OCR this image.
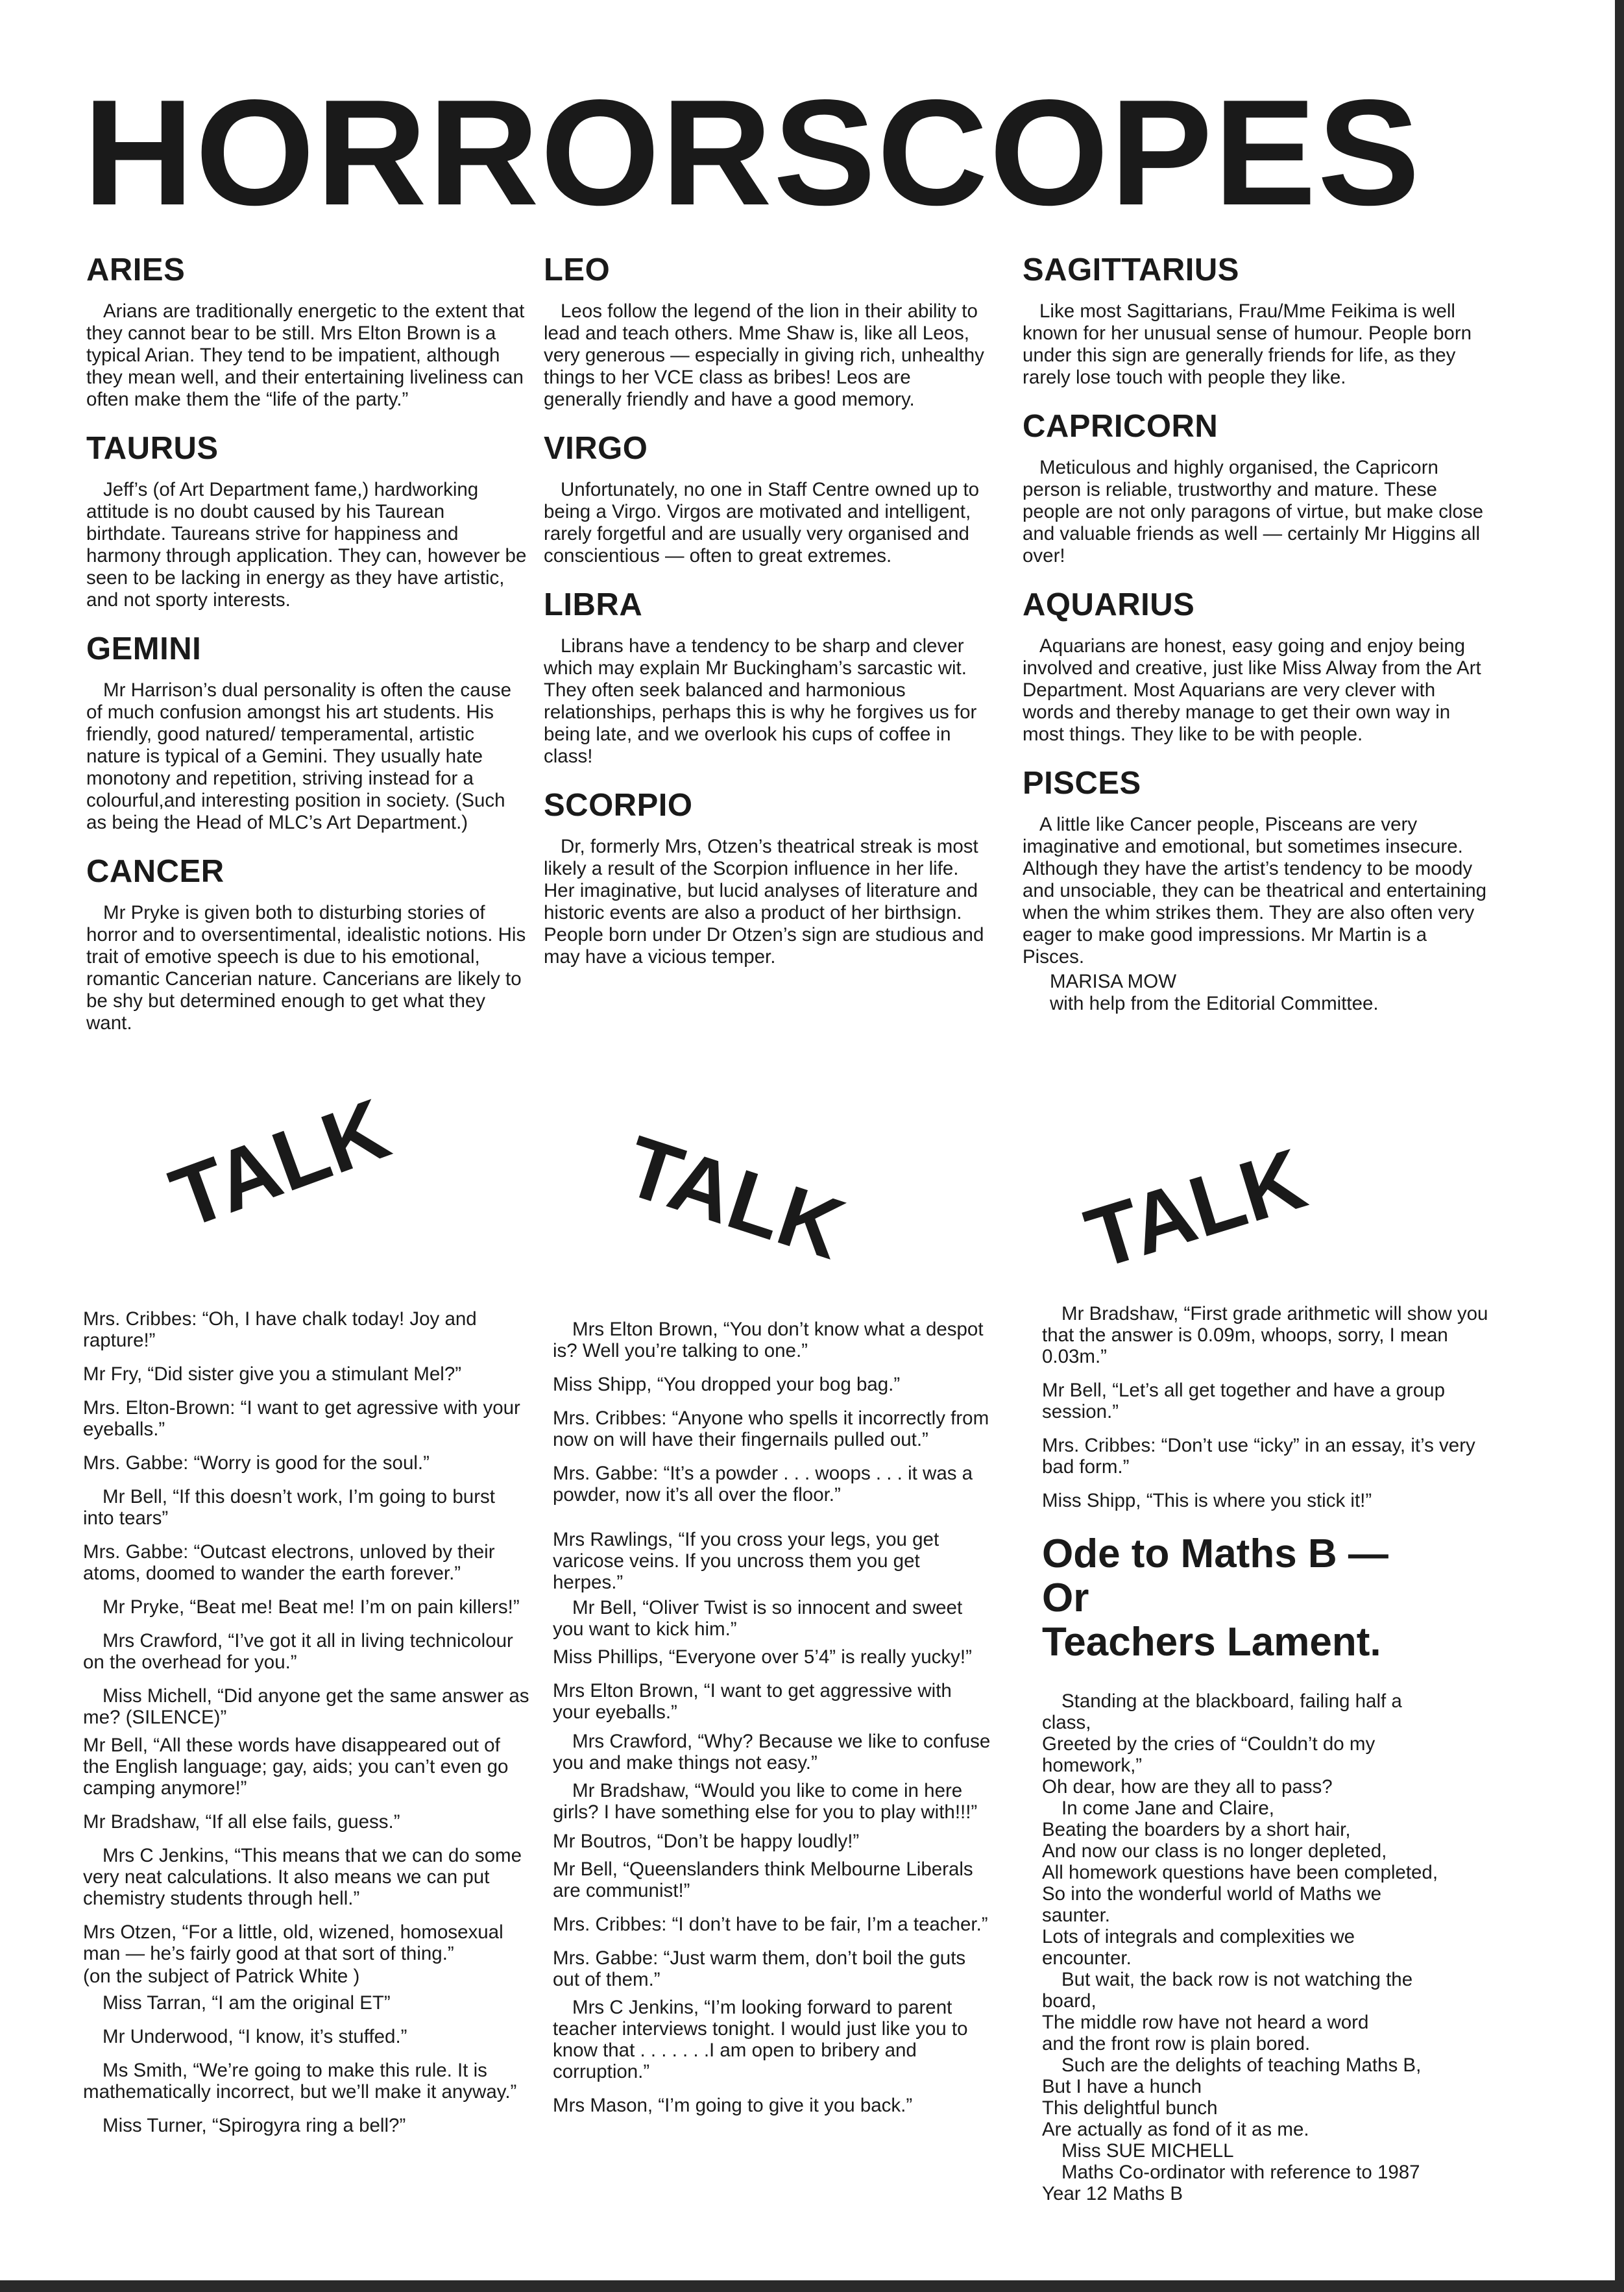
HORRORSCOPES
ARIES

Arians are traditionally energetic to the extent that they cannot bear to be still. Mrs Elton Brown is a typical Arian. They tend to be impatient, although they mean well, and their entertaining liveliness can often make them the “life of the party.”

TAURUS

Jeff’s (of Art Department fame,) hardworking attitude is no doubt caused by his Taurean birthdate. Taureans strive for happiness and harmony through application. They can, however be seen to be lacking in energy as they have artistic, and not sporty interests.

GEMINI

Mr Harrison’s dual personality is often the cause of much confusion amongst his art students. His friendly, good natured/ temperamental, artistic nature is typical of a Gemini. They usually hate monotony and repetition, striving instead for a colourful,and interesting position in society. (Such as being the Head of MLC’s Art Department.)

CANCER

Mr Pryke is given both to disturbing stories of horror and to oversentimental, idealistic notions. His trait of emotive speech is due to his emotional, romantic Cancerian nature. Cancerians are likely to be shy but determined enough to get what they want.

LEO

Leos follow the legend of the lion in their ability to lead and teach others. Mme Shaw is, like all Leos, very generous — especially in giving rich, unhealthy things to her VCE class as bribes! Leos are generally friendly and have a good memory.

VIRGO

Unfortunately, no one in Staff Centre owned up to being a Virgo. Virgos are motivated and intelligent, rarely forgetful and are usually very organised and conscientious — often to great extremes.

LIBRA

Librans have a tendency to be sharp and clever which may explain Mr Buckingham’s sarcastic wit. They often seek balanced and harmonious relationships, perhaps this is why he forgives us for being late, and we overlook his cups of coffee in class!

SCORPIO

Dr, formerly Mrs, Otzen’s theatrical streak is most likely a result of the Scorpion influence in her life. Her imaginative, but lucid analyses of literature and historic events are also a product of her birthsign. People born under Dr Otzen’s sign are studious and may have a vicious temper.

SAGITTARIUS

Like most Sagittarians, Frau/Mme Feikima is well known for her unusual sense of humour. People born under this sign are generally friends for life, as they rarely lose touch with people they like.

CAPRICORN

Meticulous and highly organised, the Capricorn person is reliable, trustworthy and mature. These people are not only paragons of virtue, but make close and valuable friends as well — certainly Mr Higgins all over!

AQUARIUS

Aquarians are honest, easy going and enjoy being involved and creative, just like Miss Alway from the Art Department. Most Aquarians are very clever with words and thereby manage to get their own way in most things. They like to be with people.

PISCES

A little like Cancer people, Pisceans are very imaginative and emotional, but sometimes insecure. Although they have the artist’s tendency to be moody and unsociable, they can be theatrical and entertaining when the whim strikes them. They are also often very eager to make good impressions. Mr Martin is a Pisces.

MARISA MOW
with help from the Editorial Committee.
TALK	TALK	TALK

Mrs. Cribbes: “Oh, I have chalk today! Joy and rapture!”

Mr Fry, “Did sister give you a stimulant Mel?”

Mrs. Elton-Brown: “I want to get agressive with your eyeballs.”

Mrs. Gabbe: “Worry is good for the soul.”

Mr Bell, “If this doesn’t work, I’m going to burst into tears”

Mrs. Gabbe: “Outcast electrons, unloved by their atoms, doomed to wander the earth forever.”

Mr Pryke, “Beat me! Beat me! I’m on pain killers!”

Mrs Crawford, “I’ve got it all in living technicolour on the overhead for you.”

Miss Michell, “Did anyone get the same answer as me? (SILENCE)”

Mr Bell, “All these words have disappeared out of the English language; gay, aids; you can’t even go camping anymore!”

Mr Bradshaw, “If all else fails, guess.”

Mrs C Jenkins, “This means that we can do some very neat calculations. It also means we can put chemistry students through hell.”

Mrs Otzen, “For a little, old, wizened, homosexual man — he’s fairly good at that sort of thing.”

(on the subject of Patrick White )

Miss Tarran, “I am the original ET”

Mr Underwood, “I know, it’s stuffed.”

Ms Smith, “We’re going to make this rule. It is mathematically incorrect, but we’ll make it anyway.”

Miss Turner, “Spirogyra ring a bell?”

Mrs Elton Brown, “You don’t know what a despot is? Well you’re talking to one.”

Miss Shipp, “You dropped your bog bag.”

Mrs. Cribbes: “Anyone who spells it incorrectly from now on will have their fingernails pulled out.”

Mrs. Gabbe: “It’s a powder . . . woops . . . it was a powder, now it’s all over the floor.”

Mrs Rawlings, “If you cross your legs, you get varicose veins. If you uncross them you get herpes.”

Mr Bell, “Oliver Twist is so innocent and sweet you want to kick him.”

Miss Phillips, “Everyone over 5’4” is really yucky!”

Mrs Elton Brown, “I want to get aggressive with your eyeballs.”

Mrs Crawford, “Why? Because we like to confuse you and make things not easy.”

Mr Bradshaw, “Would you like to come in here girls? I have something else for you to play with!!!”

Mr Boutros, “Don’t be happy loudly!”

Mr Bell, “Queenslanders think Melbourne Liberals are communist!”

Mrs. Cribbes: “I don’t have to be fair, I’m a teacher.”

Mrs. Gabbe: “Just warm them, don’t boil the guts out of them.”

Mrs C Jenkins, “I’m looking forward to parent teacher interviews tonight. I would just like you to know that . . . . . . .I am open to bribery and corruption.”

Mrs Mason, “I’m going to give it you back.”

Mr Bradshaw, “First grade arithmetic will show you that the answer is 0.09m, whoops, sorry, I mean 0.03m.”

Mr Bell, “Let’s all get together and have a group session.”

Mrs. Cribbes: “Don’t use “icky” in an essay, it’s very bad form.”

Miss Shipp, “This is where you stick it!”

Ode to Maths B —
Or
Teachers Lament.
Standing at the blackboard, failing half a
class,
Greeted by the cries of “Couldn’t do my
homework,”
Oh dear, how are they all to pass?
In come Jane and Claire,
Beating the boarders by a short hair,
And now our class is no longer depleted,
All homework questions have been completed,
So into the wonderful world of Maths we
saunter.
Lots of integrals and complexities we
encounter.
But wait, the back row is not watching the
board,
The middle row have not heard a word
and the front row is plain bored.
Such are the delights of teaching Maths B,
But I have a hunch
This delightful bunch
Are actually as fond of it as me.
Miss SUE MICHELL
Maths Co-ordinator with reference to 1987
Year 12 Maths B
